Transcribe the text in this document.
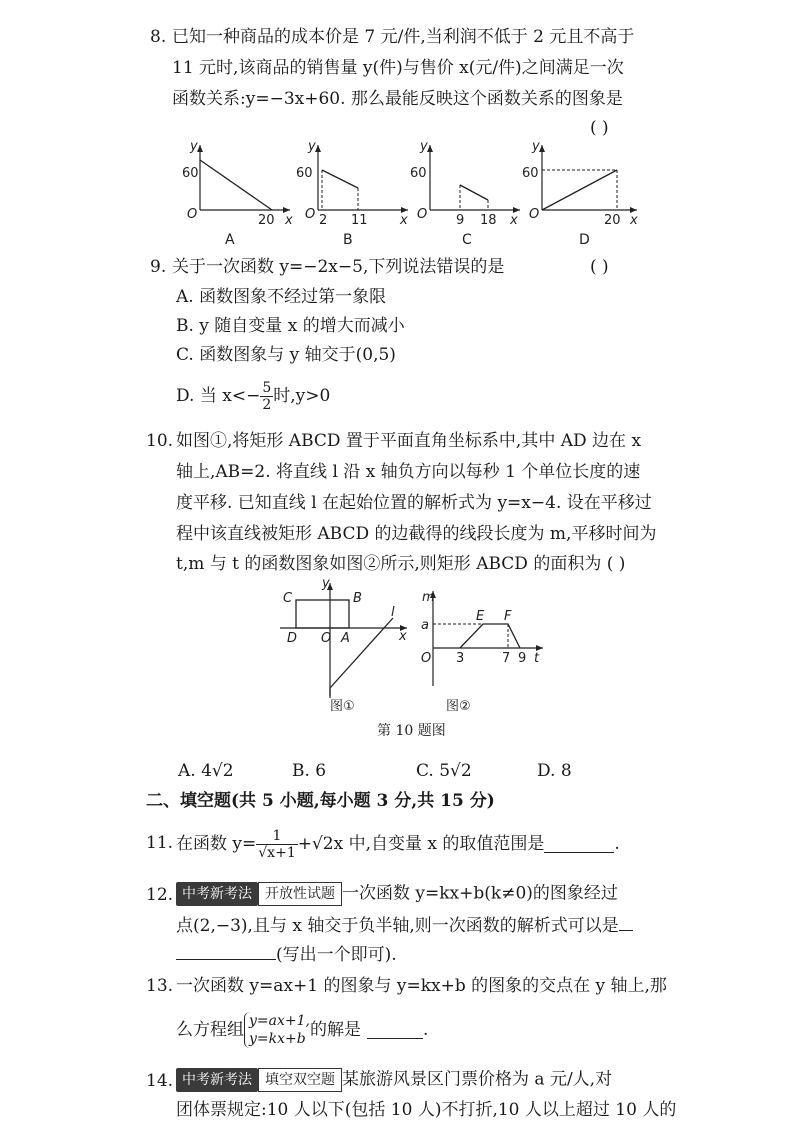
8. 已知一种商品的成本价是 7 元/件,当利润不低于 2 元且不高于
11 元时,该商品的销售量 y(件)与售价 x(元/件)之间满足一次
函数关系:y=−3x+60. 那么最能反映这个函数关系的图象是
( )
y
60
O	20 x
A
y
60
O 2 11 x
B
y
60
O 9 18 x
C
y
60
O	20 x
D
9. 关于一次函数 y=−2x−5,下列说法错误的是	( )
A. 函数图象不经过第一象限
B. y 随自变量 x 的增大而减小
C. 函数图象与 y 轴交于(0,5)
D. 当 $x<- \frac{5}{2}$ 时,y>0
10. 如图①,将矩形 ABCD 置于平面直角坐标系中,其中 AD 边在 x
轴上,AB=2. 将直线 l 沿 x 轴负方向以每秒 1 个单位长度的速
度平移. 已知直线 l 在起始位置的解析式为 y=x−4. 设在平移过
程中该直线被矩形 ABCD 的边截得的线段长度为 m,平移时间为
t,m 与 t 的函数图象如图②所示,则矩形 ABCD 的面积为 ( )
C	B
D O A
l
x
y
图①
m
a
E F
O 3	7 9 t
图②
第 10 题图
A. 4√2	B. 6	C. 5√2	D. 8
二、填空题(共 5 小题,每小题 3 分,共 15 分)
11. 在函数 $y= \frac{1}{√x+1} +√2x$ 中,自变量 x 的取值范围是	.
12. 中考新考法 开放性试题 一次函数 y=kx+b(k≠0)的图象经过
点(2,−3),且与 x 轴交于负半轴,则一次函数的解析式可以是
(写出一个即可).
13. 一次函数 y=ax+1 的图象与 y=kx+b 的图象的交点在 y 轴上,那
么方程组 y=ax+1,
y=kx+b 的解是	.
14. 中考新考法 填空双空题 某旅游风景区门票价格为 a 元/人,对
团体票规定:10 人以下(包括 10 人)不打折,10 人以上超过 10 人的
